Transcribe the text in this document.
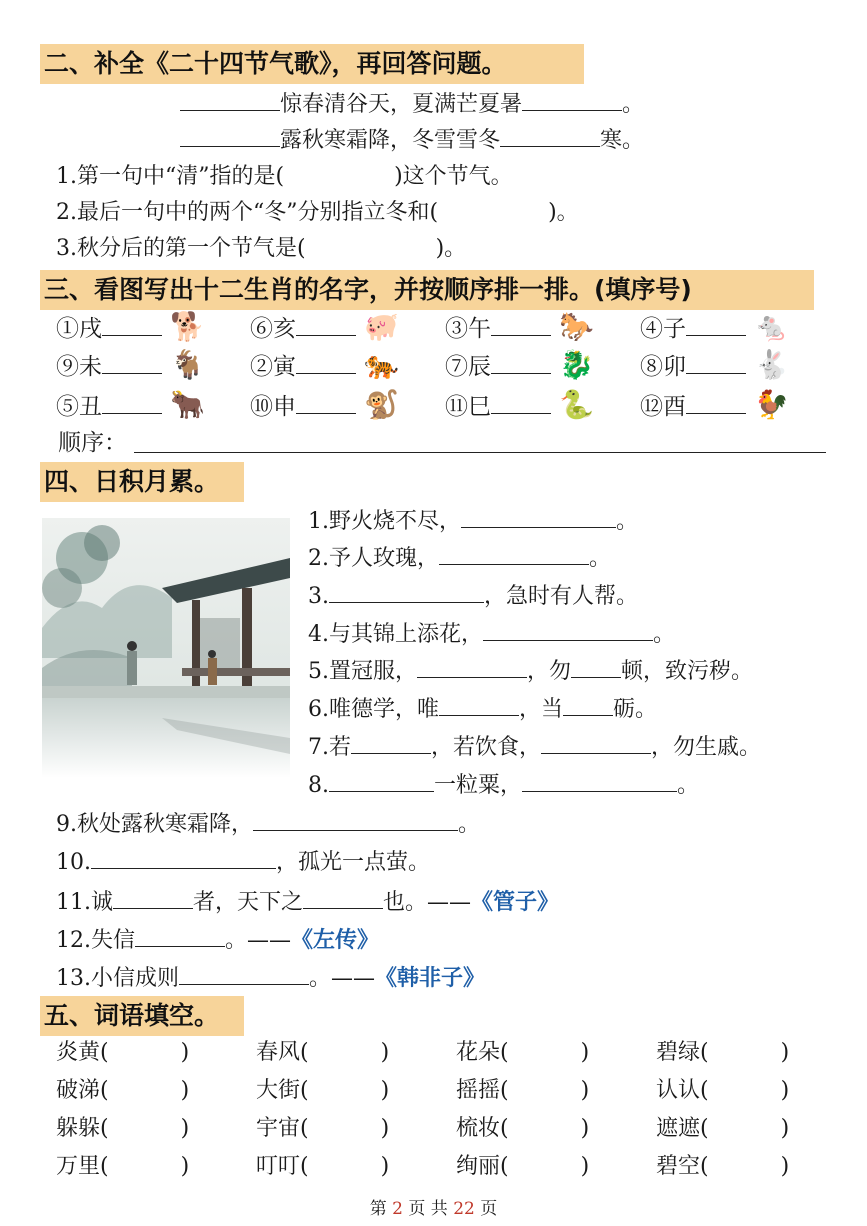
二、补全《二十四节气歌》，再回答问题。
惊春清谷天，夏满芒夏暑	。
露秋寒霜降，冬雪雪冬	寒。
1.第一句中“清”指的是(	)这个节气。
2.最后一句中的两个“冬”分别指立冬和(	)。
3.秋分后的第一个节气是(	)。
三、看图写出十二生肖的名字，并按顺序排一排。(填序号)
①戌 🐕 ⑥亥 🐖 ③午 🐎 ④子 🐁
⑨未 🐐 ②寅 🐅 ⑦辰 🐉 ⑧卯 🐇
⑤丑 🐂 ⑩申 🐒 ⑪巳 🐍 ⑫酉 🐓
顺序：
四、日积月累。
1.野火烧不尽，	。
2.予人玫瑰，	。
3.	，急时有人帮。
4.与其锦上添花，	。
5.置冠服，	，勿 顿，致污秽。
6.唯德学，唯	，当 砺。
7.若	，若饮食，	，勿生戚。
8.	一粒粟，	。
9.秋处露秋寒霜降，	。
10.	，孤光一点萤。
11.诚	者，天下之	也。——《管子》
12.失信	。——《左传》
13.小信成则	。——《韩非子》
五、词语填空。
炎黄(	)	春风(	)	花朵(	)	碧绿(	)
破涕(	)	大街(	)	摇摇(	)	认认(	)
躲躲(	)	宇宙(	)	梳妆(	)	遮遮(	)
万里(	)	叮叮(	)	绚丽(	)	碧空(	)
第 2 页 共 22 页
